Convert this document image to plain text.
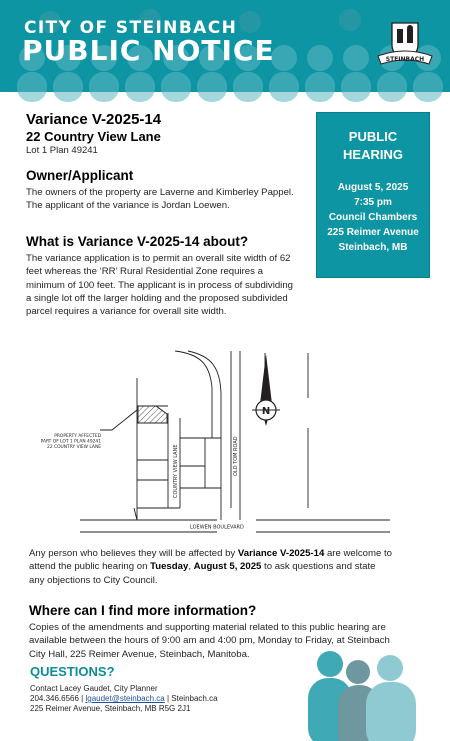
CITY OF STEINBACH
PUBLIC NOTICE	STEINBACH
Variance V-2025-14
22 Country View Lane
Lot 1 Plan 49241
Owner/Applicant
The owners of the property are Laverne and Kimberley Pappel.
The applicant of the variance is Jordan Loewen.
What is Variance V-2025-14 about?
The variance application is to permit an overall site width of 62
feet whereas the ‘RR’ Rural Residential Zone requires a
minimum of 100 feet. The applicant is in process of subdividing
a single lot off the larger holding and the proposed subdivided
parcel requires a variance for overall site width.
PUBLIC
HEARING
August 5, 2025
7:35 pm
Council Chambers
225 Reimer Avenue
Steinbach, MB
PROPERTY AFFECTED
PART OF LOT 1 PLAN 49241
22 COUNTRY VIEW LANE	COUNTRY VIEW LANE	OLD TOM ROAD
LOEWEN BOULEVARD
N
Any person who believes they will be affected by Variance V-2025-14 are welcome to
attend the public hearing on Tuesday, August 5, 2025 to ask questions and state
any objections to City Council.
Where can I find more information?
Copies of the amendments and supporting material related to this public hearing are
available between the hours of 9:00 am and 4:00 pm, Monday to Friday, at Steinbach
City Hall, 225 Reimer Avenue, Steinbach, Manitoba.
QUESTIONS?
Contact Lacey Gaudet, City Planner
204.346.6566 | lgaudet@steinbach.ca | Steinbach.ca
225 Reimer Avenue, Steinbach, MB R5G 2J1
